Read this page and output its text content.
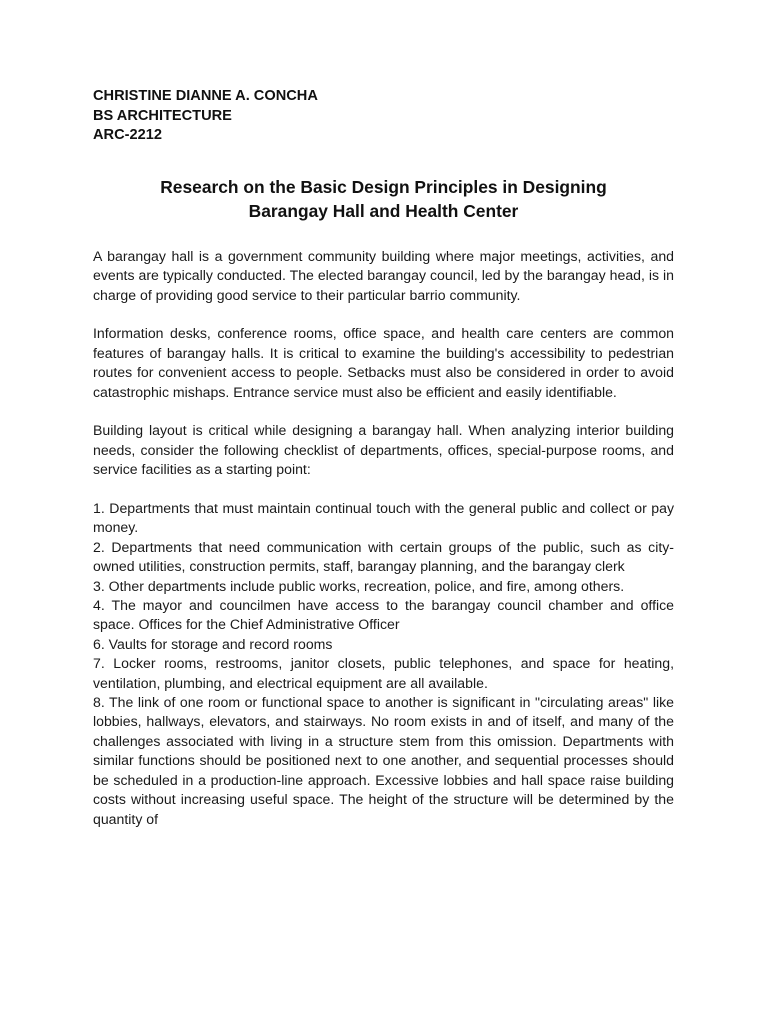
CHRISTINE DIANNE A. CONCHA
BS ARCHITECTURE
ARC-2212
Research on the Basic Design Principles in Designing
Barangay Hall and Health Center

A barangay hall is a government community building where major meetings, activities, and events are typically conducted. The elected barangay council, led by the barangay head, is in charge of providing good service to their particular barrio community.

Information desks, conference rooms, office space, and health care centers are common features of barangay halls. It is critical to examine the building's accessibility to pedestrian routes for convenient access to people. Setbacks must also be considered in order to avoid catastrophic mishaps. Entrance service must also be efficient and easily identifiable.

Building layout is critical while designing a barangay hall. When analyzing interior building needs, consider the following checklist of departments, offices, special-purpose rooms, and service facilities as a starting point:

1. Departments that must maintain continual touch with the general public and collect or pay money.
2. Departments that need communication with certain groups of the public, such as city-owned utilities, construction permits, staff, barangay planning, and the barangay clerk
3. Other departments include public works, recreation, police, and fire, among others.
4. The mayor and councilmen have access to the barangay council chamber and office space. Offices for the Chief Administrative Officer
6. Vaults for storage and record rooms
7. Locker rooms, restrooms, janitor closets, public telephones, and space for heating, ventilation, plumbing, and electrical equipment are all available.
8. The link of one room or functional space to another is significant in "circulating areas" like lobbies, hallways, elevators, and stairways. No room exists in and of itself, and many of the challenges associated with living in a structure stem from this omission. Departments with similar functions should be positioned next to one another, and sequential processes should be scheduled in a production-line approach. Excessive lobbies and hall space raise building costs without increasing useful space. The height of the structure will be determined by the quantity of
